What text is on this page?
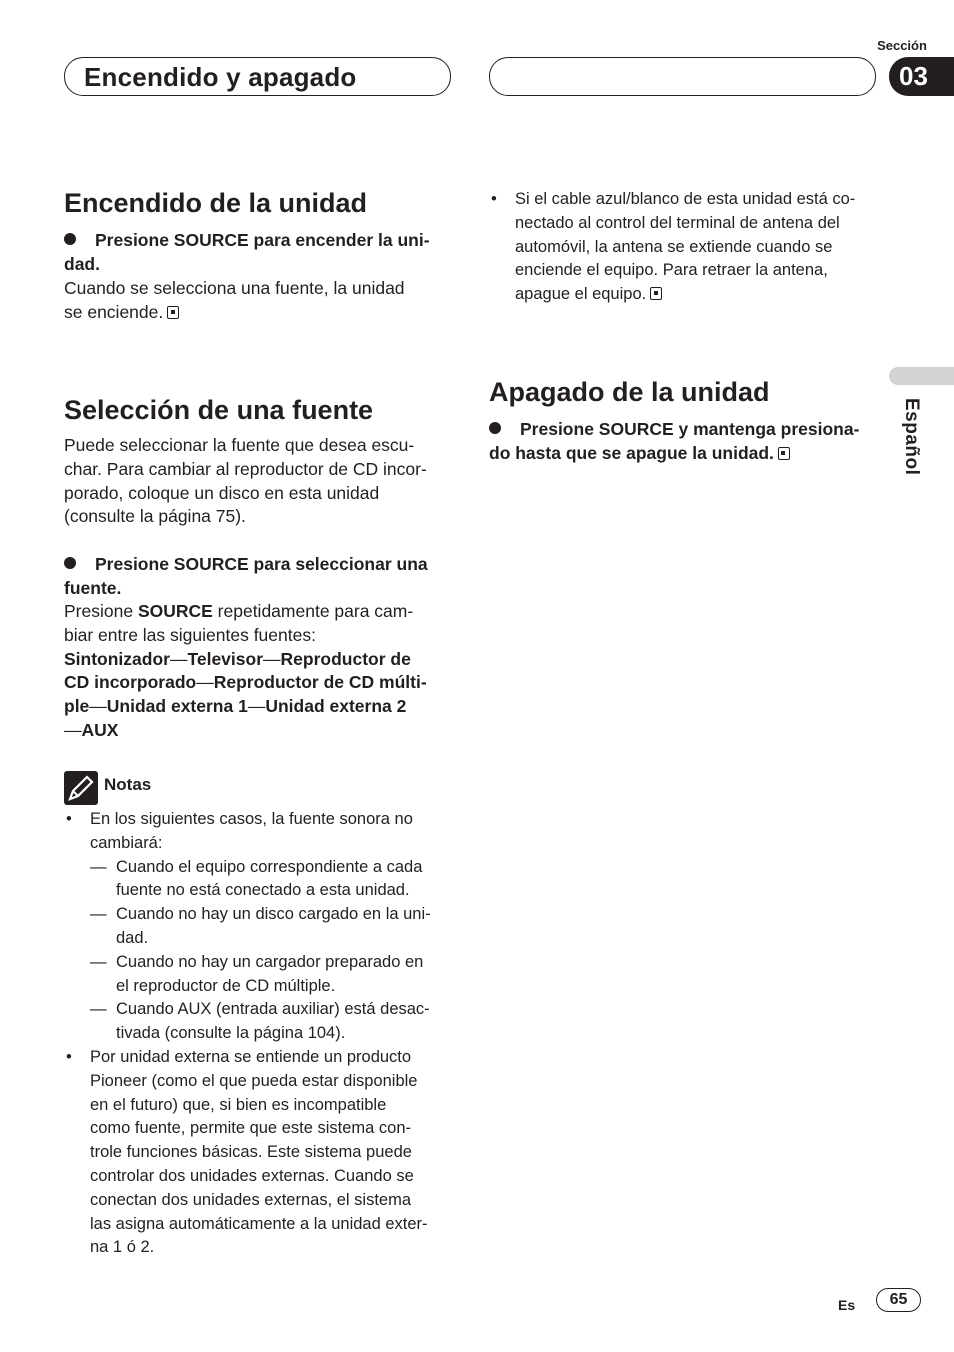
Encendido y apagado
Sección
03
Español
Encendido de la unidad
Presione SOURCE para encender la uni-
dad.
Cuando se selecciona una fuente, la unidad
se enciende.
Selección de una fuente
Puede seleccionar la fuente que desea escu-
char. Para cambiar al reproductor de CD incor-
porado, coloque un disco en esta unidad
(consulte la página 75).
Presione SOURCE para seleccionar una
fuente.
Presione SOURCE repetidamente para cam-
biar entre las siguientes fuentes:
Sintonizador—Televisor—Reproductor de
CD incorporado—Reproductor de CD múlti-
ple—Unidad externa 1—Unidad externa 2
—AUX
Notas
• En los siguientes casos, la fuente sonora no
cambiará:
— Cuando el equipo correspondiente a cada
fuente no está conectado a esta unidad.
— Cuando no hay un disco cargado en la uni-
dad.
— Cuando no hay un cargador preparado en
el reproductor de CD múltiple.
— Cuando AUX (entrada auxiliar) está desac-
tivada (consulte la página 104).
• Por unidad externa se entiende un producto
Pioneer (como el que pueda estar disponible
en el futuro) que, si bien es incompatible
como fuente, permite que este sistema con-
trole funciones básicas. Este sistema puede
controlar dos unidades externas. Cuando se
conectan dos unidades externas, el sistema
las asigna automáticamente a la unidad exter-
na 1 ó 2.
• Si el cable azul/blanco de esta unidad está co-
nectado al control del terminal de antena del
automóvil, la antena se extiende cuando se
enciende el equipo. Para retraer la antena,
apague el equipo.
Apagado de la unidad
Presione SOURCE y mantenga presiona-
do hasta que se apague la unidad.
Es	65
